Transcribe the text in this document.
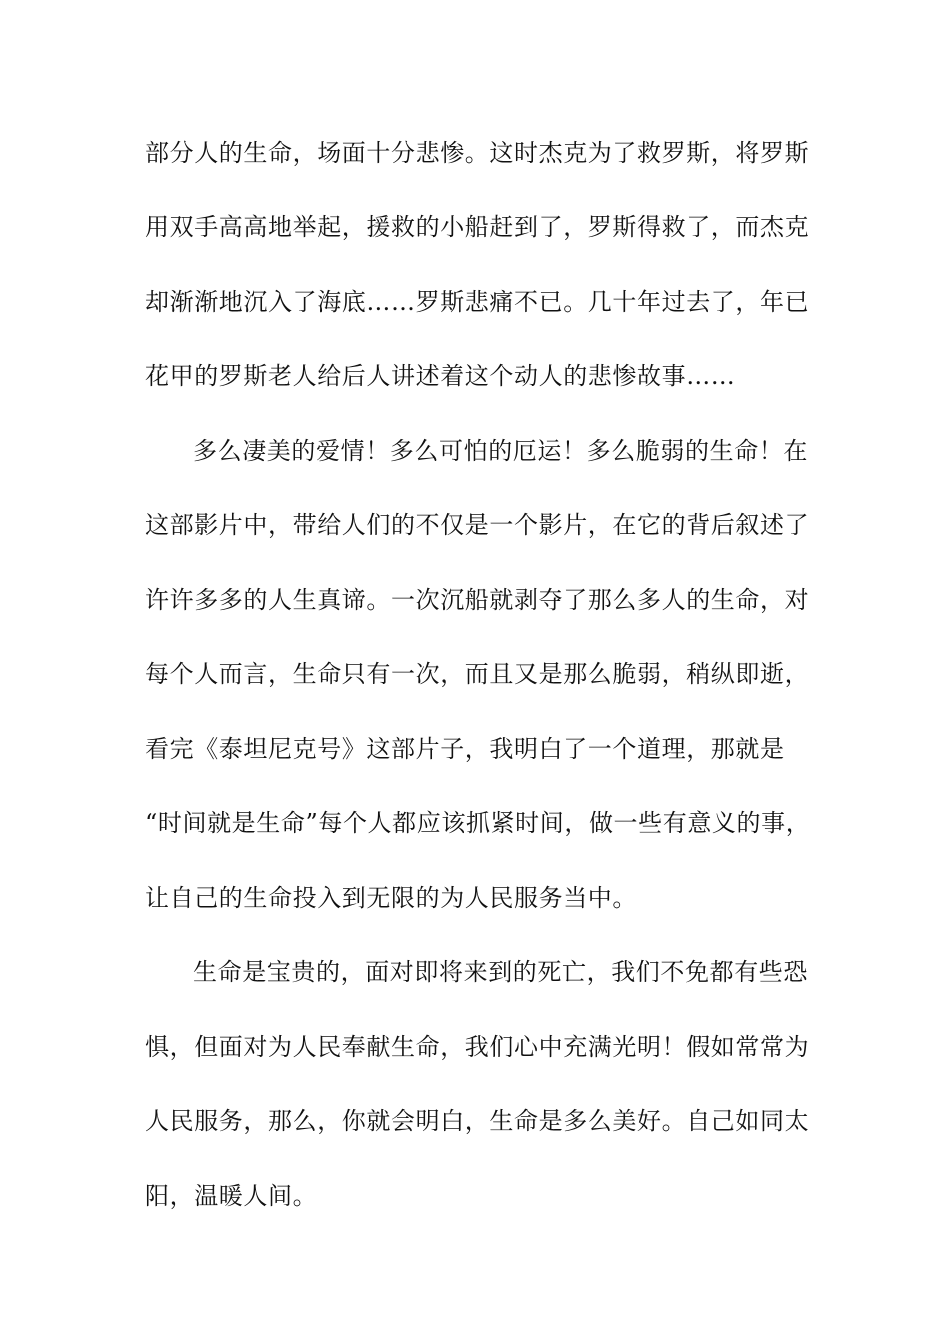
部分人的生命，场面十分悲惨。这时杰克为了救罗斯，将罗斯
用双手高高地举起，援救的小船赶到了，罗斯得救了，而杰克
却渐渐地沉入了海底……罗斯悲痛不已。几十年过去了，年已
花甲的罗斯老人给后人讲述着这个动人的悲惨故事……
多么凄美的爱情！多么可怕的厄运！多么脆弱的生命！在
这部影片中，带给人们的不仅是一个影片，在它的背后叙述了
许许多多的人生真谛。一次沉船就剥夺了那么多人的生命，对
每个人而言，生命只有一次，而且又是那么脆弱，稍纵即逝，
看完《泰坦尼克号》这部片子，我明白了一个道理，那就是
“时间就是生命”每个人都应该抓紧时间，做一些有意义的事，
让自己的生命投入到无限的为人民服务当中。
生命是宝贵的，面对即将来到的死亡，我们不免都有些恐
惧，但面对为人民奉献生命，我们心中充满光明！假如常常为
人民服务，那么，你就会明白，生命是多么美好。自己如同太
阳，温暖人间。
